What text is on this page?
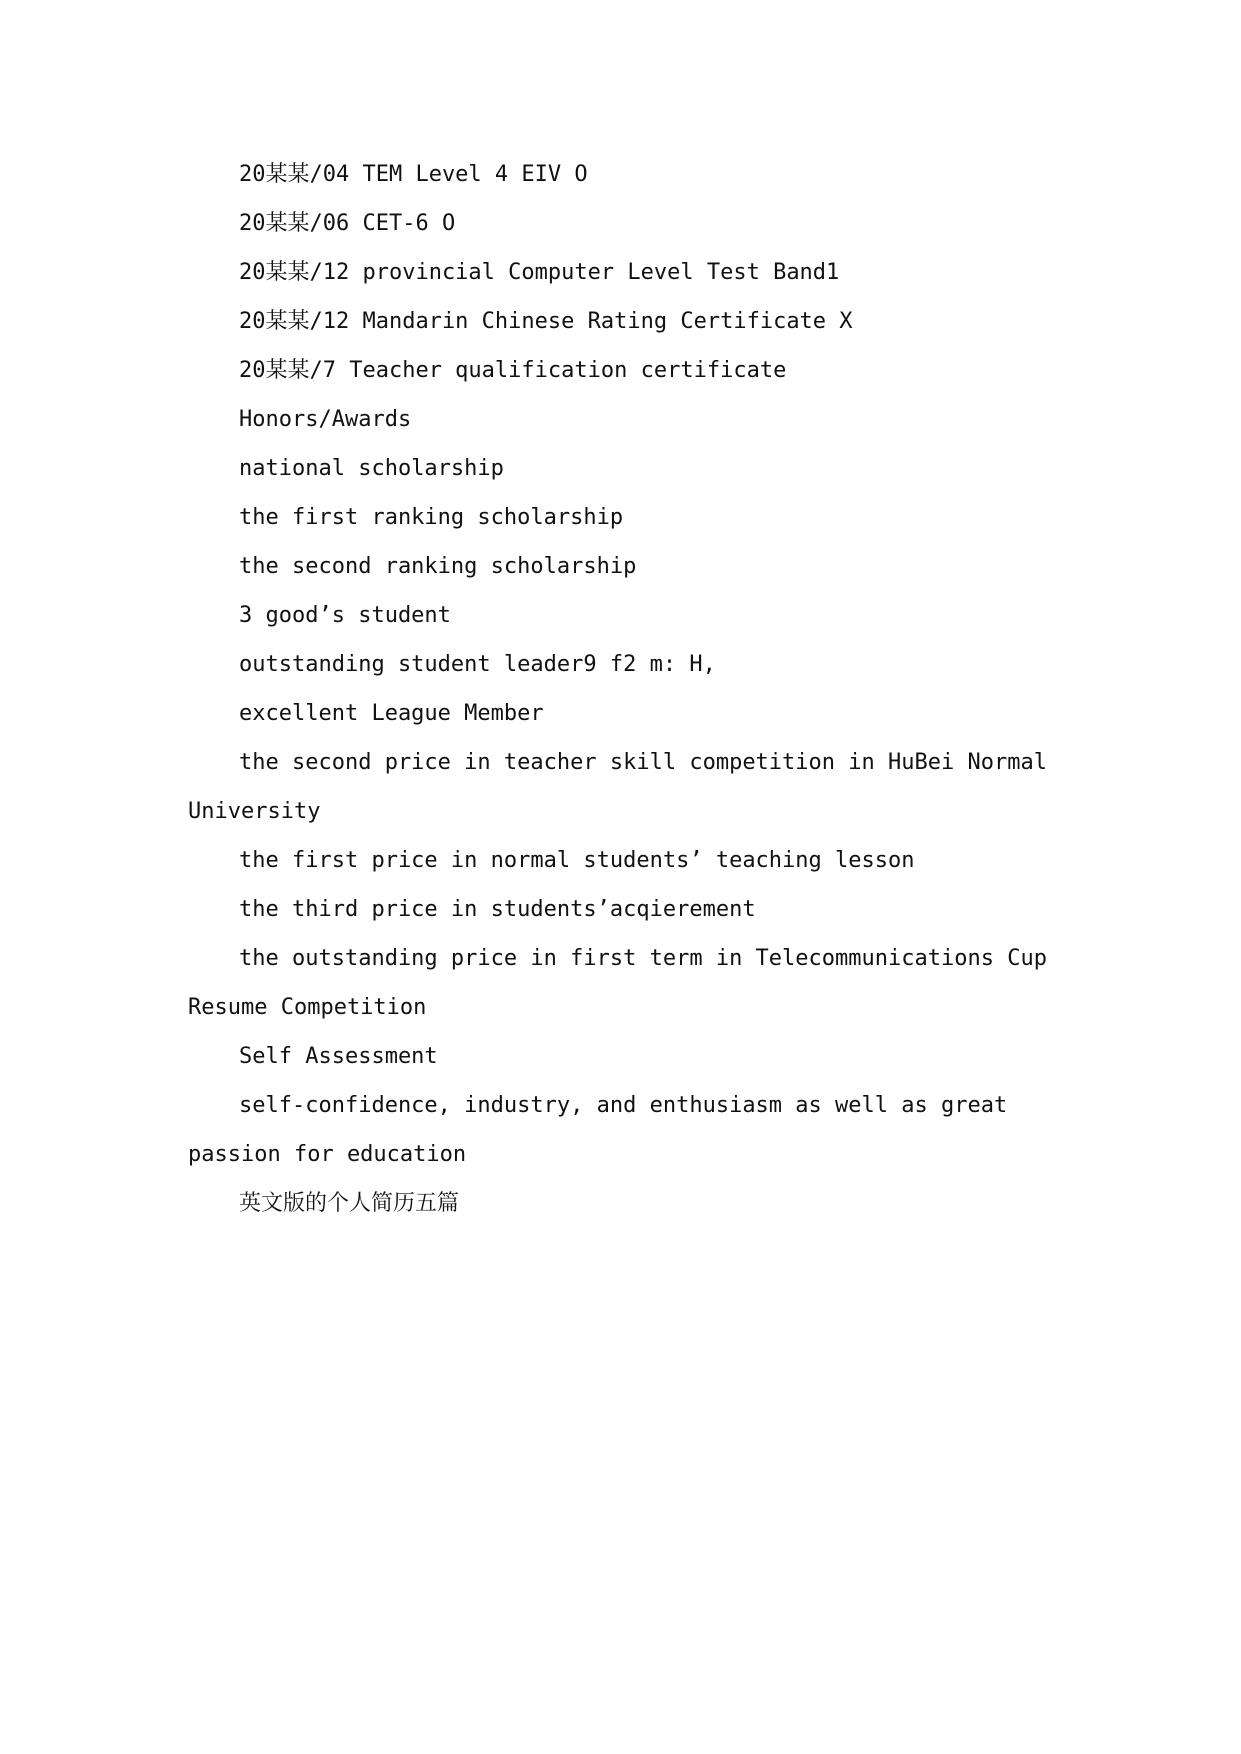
20某某/04 TEM Level 4 EIV O

20某某/06 CET-6 O

20某某/12 provincial Computer Level Test Band1

20某某/12 Mandarin Chinese Rating Certificate X

20某某/7 Teacher qualification certificate

Honors/Awards

national scholarship

the first ranking scholarship

the second ranking scholarship

3 good’s student

outstanding student leader9 f2 m: H,

excellent League Member

the second price in teacher skill competition in HuBei Normal

University

the first price in normal students’ teaching lesson

the third price in students’acqierement

the outstanding price in first term in Telecommunications Cup

Resume Competition

Self Assessment

self-confidence, industry, and enthusiasm as well as great

passion for education

英文版的个人简历五篇
